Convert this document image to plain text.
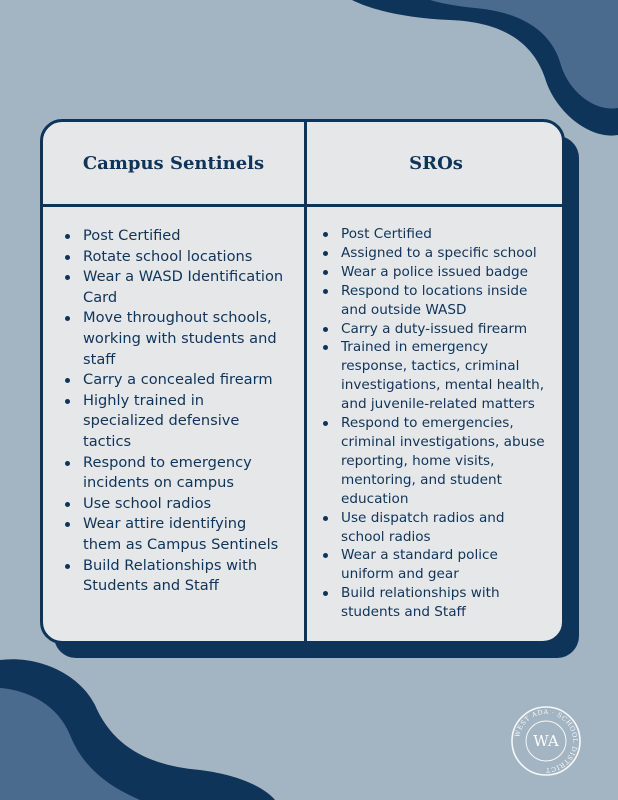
Campus Sentinels	SROs
Post Certified
Rotate school locations
Wear a WASD Identification Card
Move throughout schools, working with students and staff
Carry a concealed firearm
Highly trained in specialized defensive tactics
Respond to emergency incidents on campus
Use school radios
Wear attire identifying them as Campus Sentinels
Build Relationships with Students and Staff
Post Certified
Assigned to a specific school
Wear a police issued badge
Respond to locations inside and outside WASD
Carry a duty-issued firearm
Trained in emergency response, tactics, criminal investigations, mental health, and juvenile-related matters
Respond to emergencies, criminal investigations, abuse reporting, home visits, mentoring, and student education
Use dispatch radios and school radios
Wear a standard police uniform and gear
Build relationships with students and Staff
WEST ADA · SCHOOL DISTRICT
WA
